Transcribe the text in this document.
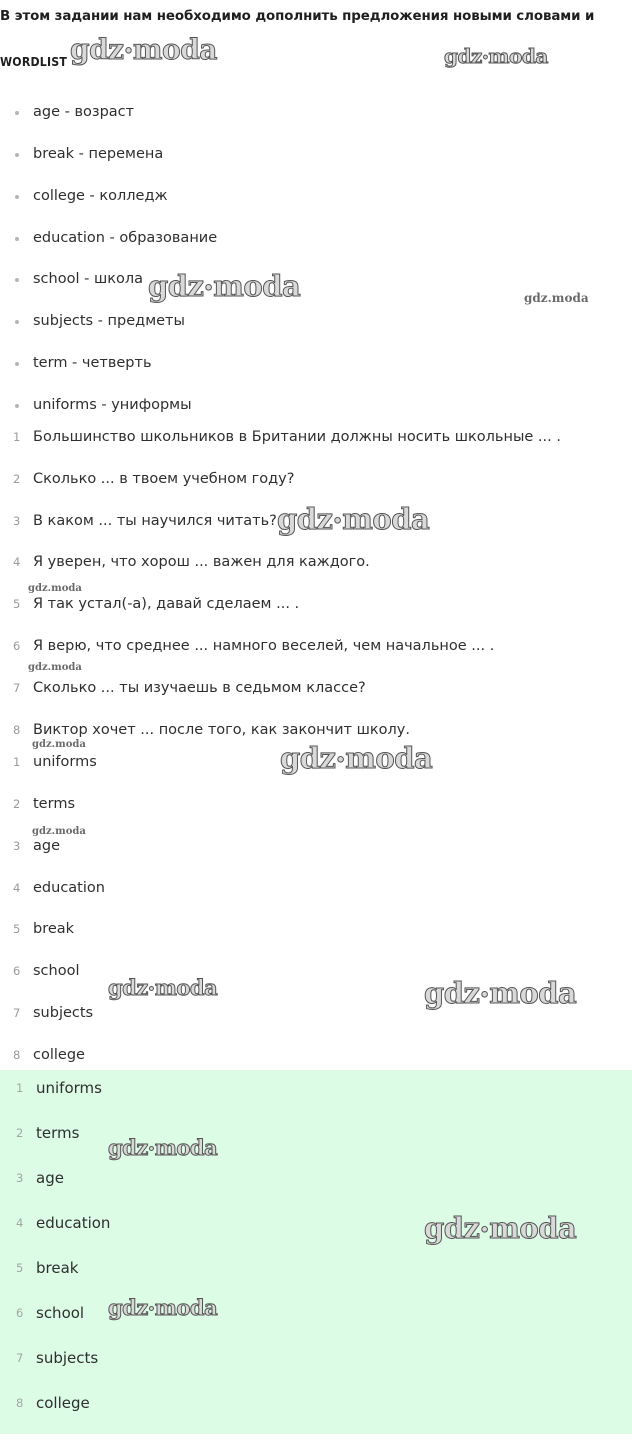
В этом задании нам необходимо дополнить предложения новыми словами и
WORDLIST
age - возраст
break - перемена
college - колледж
education - образование
school - школа
subjects - предметы
term - четверть
uniforms - униформы
1 Большинство школьников в Британии должны носить школьные ... .
2 Сколько ... в твоем учебном году?
3 В каком ... ты научился читать?
4 Я уверен, что хорош ... важен для каждого.
5 Я так устал(-а), давай сделаем ... .
6 Я верю, что среднее ... намного веселей, чем начальное ... .
7 Сколько ... ты изучаешь в седьмом классе?
8 Виктор хочет ... после того, как закончит школу.
1 uniforms
2 terms
3 age
4 education
5 break
6 school
7 subjects
8 college
1 uniforms
2 terms
3 age
4 education
5 break
6 school
7 subjects
8 college
gdz•moda	gdz•moda
gdz•moda	gdz.moda
gdz•moda
gdz.moda
gdz.moda
gdz.moda	gdz•moda
gdz.moda
gdz•moda	gdz•moda
gdz•moda
gdz•moda
gdz•moda
